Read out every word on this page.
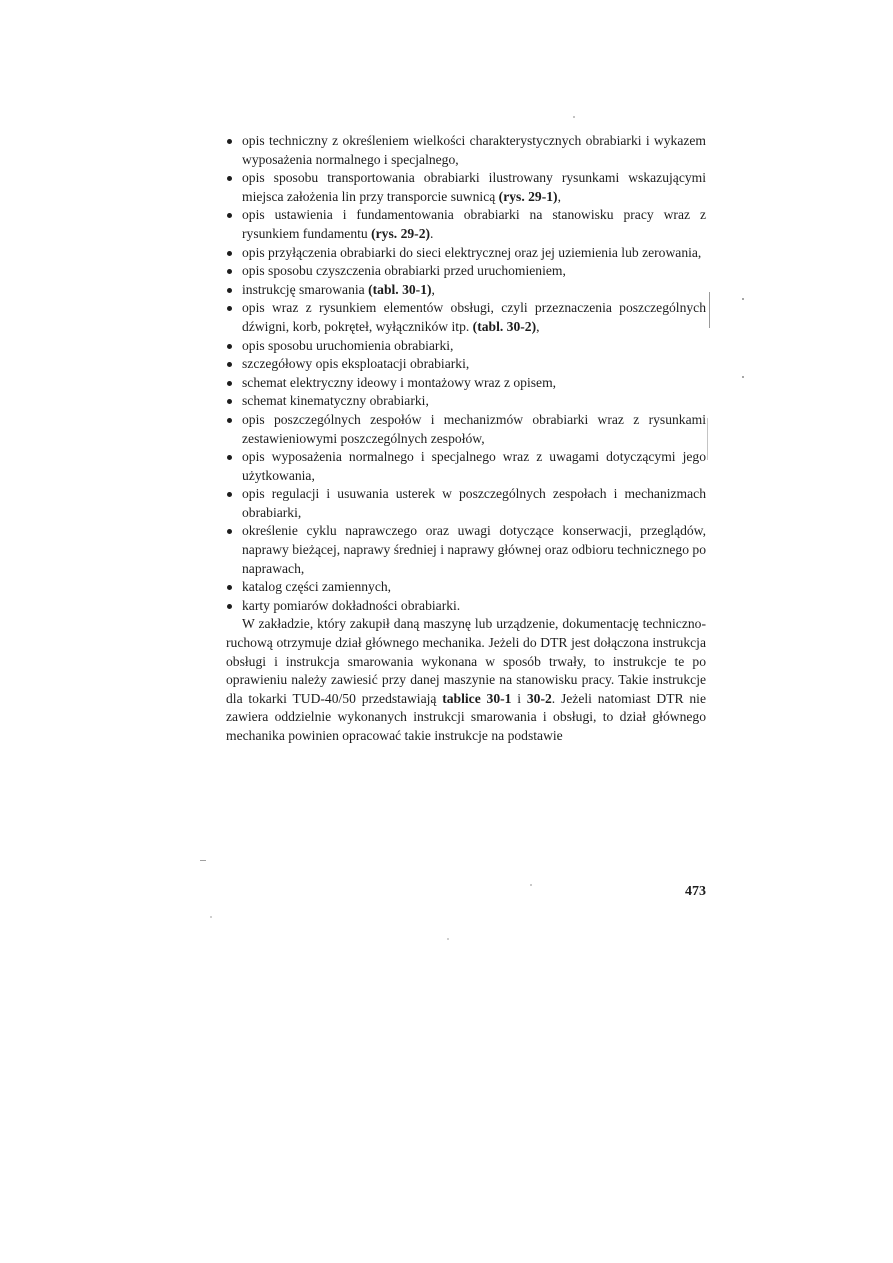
opis techniczny z określeniem wielkości charakterystycznych obrabiarki i wykazem wyposażenia normalnego i specjalnego,
opis sposobu transportowania obrabiarki ilustrowany rysunkami wskazującymi miejsca założenia lin przy transporcie suwnicą (rys. 29-1),
opis ustawienia i fundamentowania obrabiarki na stanowisku pracy wraz z rysunkiem fundamentu (rys. 29-2).
opis przyłączenia obrabiarki do sieci elektrycznej oraz jej uziemienia lub zerowania,
opis sposobu czyszczenia obrabiarki przed uruchomieniem,
instrukcję smarowania (tabl. 30-1),
opis wraz z rysunkiem elementów obsługi, czyli przeznaczenia poszczególnych dźwigni, korb, pokręteł, wyłączników itp. (tabl. 30-2),
opis sposobu uruchomienia obrabiarki,
szczegółowy opis eksploatacji obrabiarki,
schemat elektryczny ideowy i montażowy wraz z opisem,
schemat kinematyczny obrabiarki,
opis poszczególnych zespołów i mechanizmów obrabiarki wraz z rysunkami zestawieniowymi poszczególnych zespołów,
opis wyposażenia normalnego i specjalnego wraz z uwagami dotyczącymi jego użytkowania,
opis regulacji i usuwania usterek w poszczególnych zespołach i mechanizmach obrabiarki,
określenie cyklu naprawczego oraz uwagi dotyczące konserwacji, przeglądów, naprawy bieżącej, naprawy średniej i naprawy głównej oraz odbioru technicznego po naprawach,
katalog części zamiennych,
karty pomiarów dokładności obrabiarki.

W zakładzie, który zakupił daną maszynę lub urządzenie, dokumentację techniczno-ruchową otrzymuje dział głównego mechanika. Jeżeli do DTR jest dołączona instrukcja obsługi i instrukcja smarowania wykonana w sposób trwały, to instrukcje te po oprawieniu należy zawiesić przy danej maszynie na stanowisku pracy. Takie instrukcje dla tokarki TUD-40/50 przedstawiają tablice 30-1 i 30-2. Jeżeli natomiast DTR nie zawiera oddzielnie wykonanych instrukcji smarowania i obsługi, to dział głównego mechanika powinien opracować takie instrukcje na podstawie

473
